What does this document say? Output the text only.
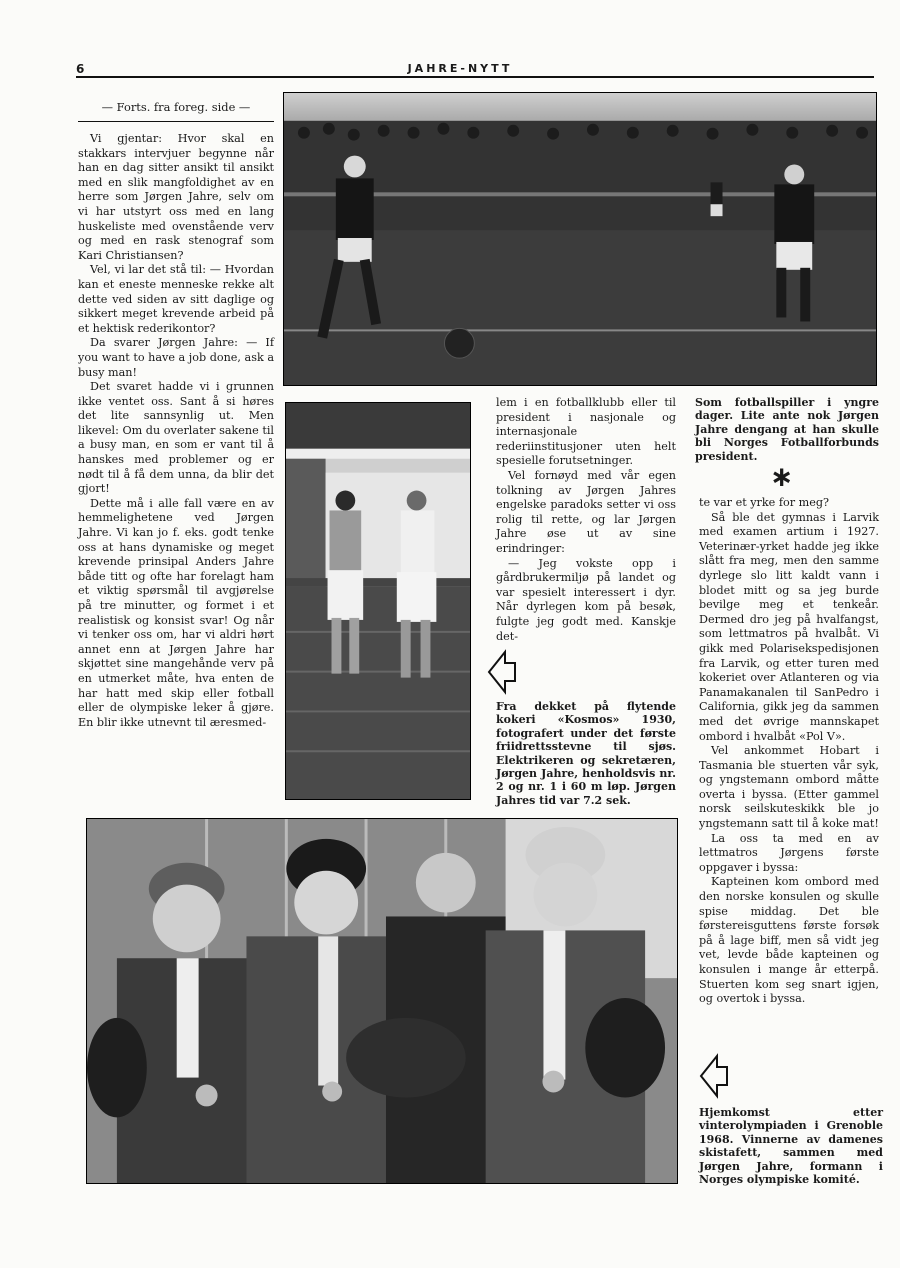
6	JAHRE-NYTT
— Forts. fra foreg. side —

Vi gjentar: Hvor skal en stakkars intervjuer begynne når han en dag sitter ansikt til ansikt med en slik mangfoldighet av en herre som Jørgen Jahre, selv om vi har utstyrt oss med en lang huskeliste med ovenstående verv og med en rask stenograf som Kari Christiansen?

Vel, vi lar det stå til: — Hvordan kan et eneste menneske rekke alt dette ved siden av sitt daglige og sikkert meget krevende arbeid på et hektisk rederikontor?

Da svarer Jørgen Jahre: — If you want to have a job done, ask a busy man!

Det svaret hadde vi i grunnen ikke ventet oss. Sant å si høres det lite sannsynlig ut. Men likevel: Om du overlater sakene til a busy man, en som er vant til å hanskes med problemer og er nødt til å få dem unna, da blir det gjort!

Dette må i alle fall være en av hemmelighetene ved Jørgen Jahre. Vi kan jo f. eks. godt tenke oss at hans dynamiske og meget krevende prinsipal Anders Jahre både titt og ofte har forelagt ham et viktig spørsmål til avgjørelse på tre minutter, og formet i et realistisk og konsist svar! Og når vi tenker oss om, har vi aldri hørt annet enn at Jørgen Jahre har skjøttet sine mangehånde verv på en utmerket måte, hva enten de har hatt med skip eller fotball eller de olympiske leker å gjøre. En blir ikke utnevnt til æresmed-

lem i en fotballklubb eller til president i nasjonale og internasjonale rederiinstitusjoner uten helt spesielle forutsetninger.

Vel fornøyd med vår egen tolkning av Jørgen Jahres engelske paradoks setter vi oss rolig til rette, og lar Jørgen Jahre øse ut av sine erindringer:

— Jeg vokste opp i gårdbrukermiljø på landet og var spesielt interessert i dyr. Når dyrlegen kom på besøk, fulgte jeg godt med. Kanskje det-

Fra dekket på flytende kokeri «Kosmos» 1930, fotografert under det første friidrettsstevne til sjøs. Elektrikeren og sekretæren, Jørgen Jahre, henholdsvis nr. 2 og nr. 1 i 60 m løp. Jørgen Jahres tid var 7.2 sek.
Som fotballspiller i yngre dager. Lite ante nok Jørgen Jahre dengang at han skulle bli Norges Fotballforbunds president.
∗

te var et yrke for meg?

Så ble det gymnas i Larvik med examen artium i 1927. Veterinær-yrket hadde jeg ikke slått fra meg, men den samme dyrlege slo litt kaldt vann i blodet mitt og sa jeg burde bevilge meg et tenkeår. Dermed dro jeg på hvalfangst, som lettmatros på hvalbåt. Vi gikk med Polarisekspedisjonen fra Larvik, og etter turen med kokeriet over Atlanteren og via Panamakanalen til SanPedro i California, gikk jeg da sammen med det øvrige mannskapet ombord i hvalbåt «Pol V».

Vel ankommet Hobart i Tasmania ble stuerten vår syk, og yngstemann ombord måtte overta i byssa. (Etter gammel norsk seilskuteskikk ble jo yngstemann satt til å koke mat!

La oss ta med en av lettmatros Jørgens første oppgaver i byssa:

Kapteinen kom ombord med den norske konsulen og skulle spise middag. Det ble førstereisguttens første forsøk på å lage biff, men så vidt jeg vet, levde både kapteinen og konsulen i mange år etterpå. Stuerten kom seg snart igjen, og overtok i byssa.

Hjemkomst etter vinterolympiaden i Grenoble 1968. Vinnerne av damenes skistafett, sammen med Jørgen Jahre, formann i Norges olympiske komité.
